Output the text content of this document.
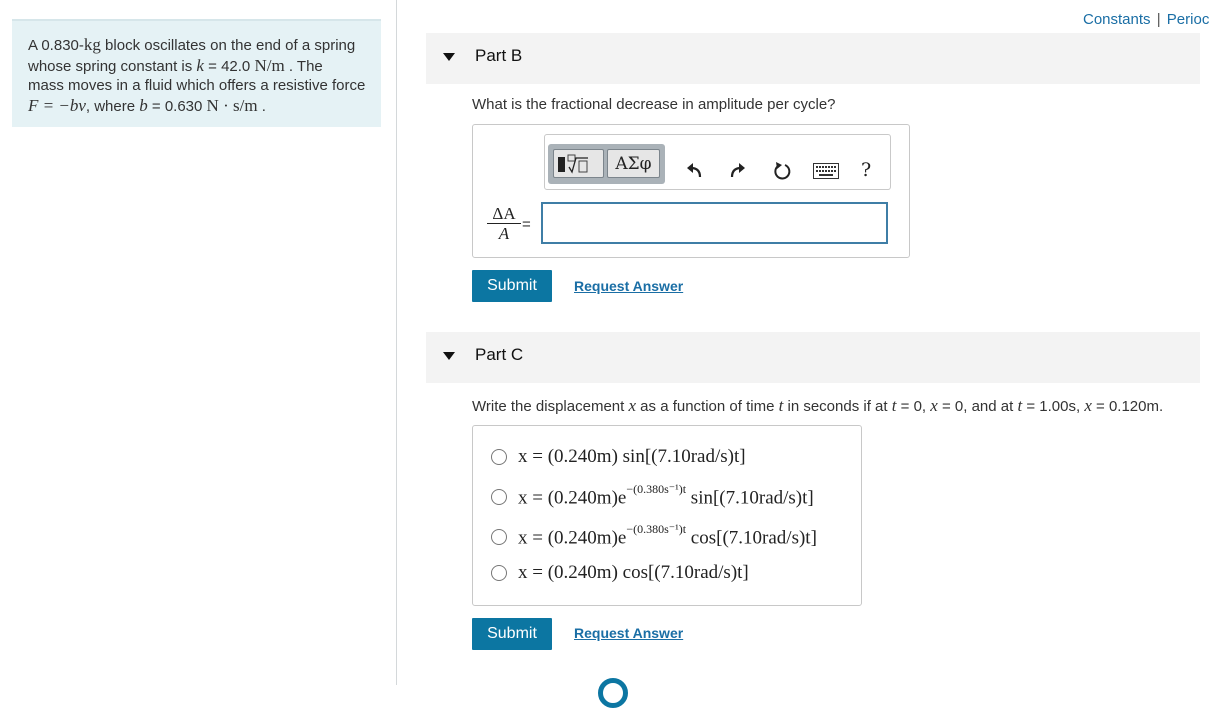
A 0.830-kg block oscillates on the end of a spring
whose spring constant is k = 42.0 N/m . The
mass moves in a fluid which offers a resistive force
F = −bv, where b = 0.630 N · s/m .
Constants | Perioc
Part B
What is the fractional decrease in amplitude per cycle?
ΑΣφ	?
$\frac{\Delta A}{A}$ =
Submit	Request Answer
Part C
Write the displacement x as a function of time t in seconds if at t = 0, x = 0, and at t = 1.00s, x = 0.120m.
x = (0.240m) sin[(7.10rad/s)t]
$x = (0.240m)e^{-(0.380s^{-1})t}$ sin[(7.10rad/s)t]
$x = (0.240m)e^{-(0.380s^{-1})t}$ cos[(7.10rad/s)t]
x = (0.240m) cos[(7.10rad/s)t]
Submit	Request Answer
